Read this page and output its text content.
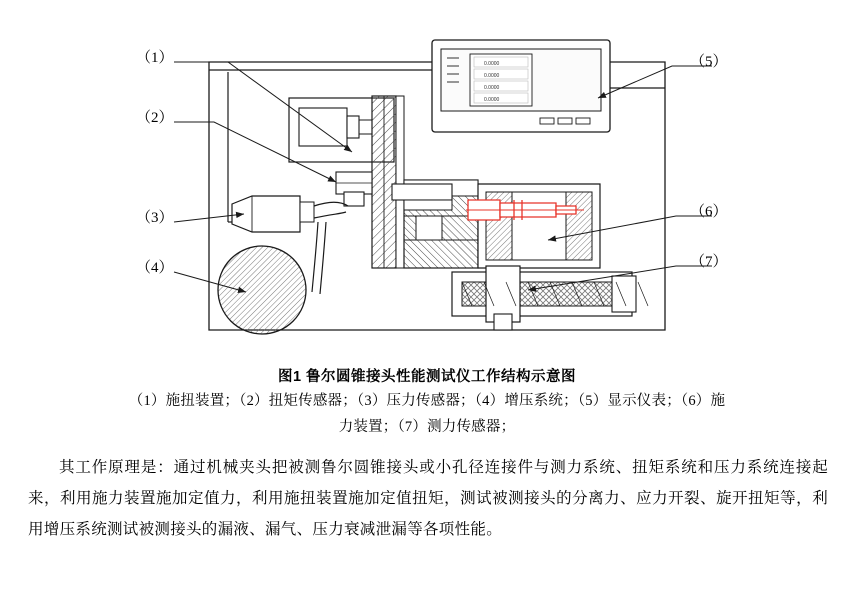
0.0000
0.0000
0.0000
0.0000
（1）
（2）
（3）
（4）
（5）
（6）
（7）
图1 鲁尔圆锥接头性能测试仪工作结构示意图
（1）施扭装置；（2）扭矩传感器；（3）压力传感器；（4）增压系统；（5）显示仪表；（6）施
力装置；（7）测力传感器；

其工作原理是：通过机械夹头把被测鲁尔圆锥接头或小孔径连接件与测力系统、扭矩系统和压力系统连接起来，利用施力装置施加定值力，利用施扭装置施加定值扭矩，测试被测接头的分离力、应力开裂、旋开扭矩等，利用增压系统测试被测接头的漏液、漏气、压力衰减泄漏等各项性能。
